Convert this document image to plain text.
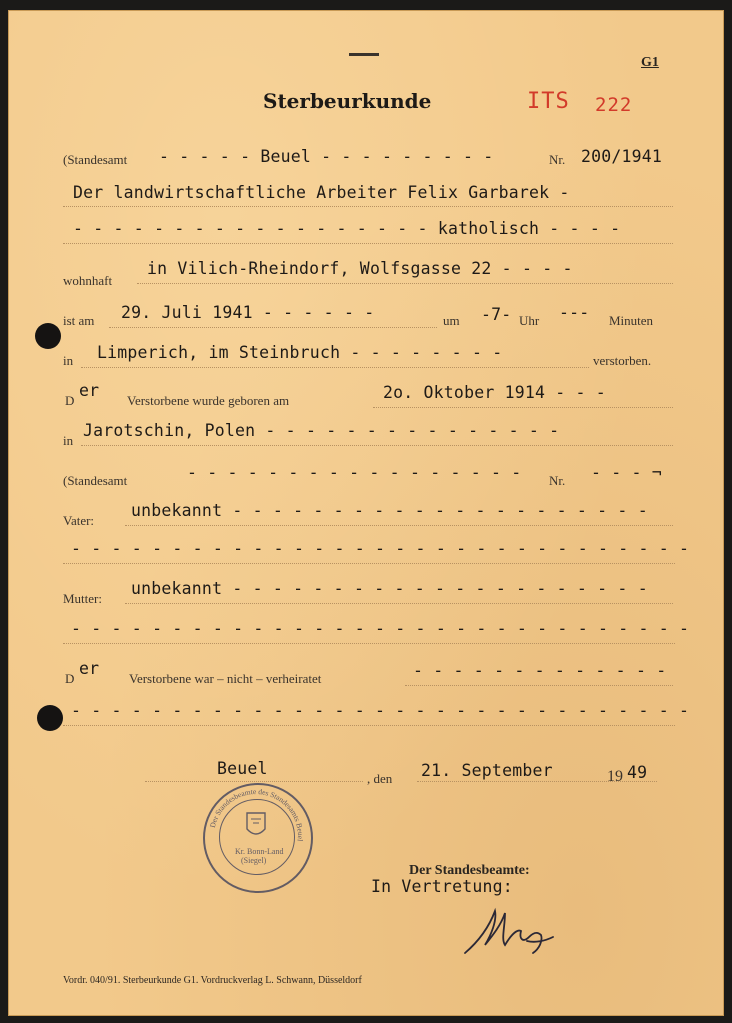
G1
Sterbeurkunde	ITS 222
(Standesamt - - - - - Beuel - - - - - - - - -	Nr. 200/1941
Der landwirtschaftliche Arbeiter Felix Garbarek -
- - - - - - - - - - - - - - - - - - katholisch - - - -
wohnhaft
in Vilich-Rheindorf, Wolfsgasse 22 - - - -
ist am 29. Juli 1941 - - - - - -	um -7- Uhr --- Minuten
in Limperich, im Steinbruch - - - - - - - -	verstorben.
D
er
Verstorbene wurde geboren am	2o. Oktober 1914 - - -
in
Jarotschin, Polen - - - - - - - - - - - - - - -
(Standesamt	- - - - - - - - - - - - - - - - - Nr. - - - ¬
Vater:
unbekannt - - - - - - - - - - - - - - - - - - - - -
- - - - - - - - - - - - - - - - - - - - - - - - - - - - - - -
Mutter:
unbekannt - - - - - - - - - - - - - - - - - - - - -
- - - - - - - - - - - - - - - - - - - - - - - - - - - - - - -
D
er
Verstorbene war – nicht – verheiratet	- - - - - - - - - - - - -
- - - - - - - - - - - - - - - - - - - - - - - - - - - - - - -
Beuel
, den 21. September	19 49
Der Standesbeamte des Standesamts Beuel
Kr. Bonn-Land
(Siegel)
Der Standesbeamte:
In Vertretung:
Vordr. 040/91. Sterbeurkunde G1. Vordruckverlag L. Schwann, Düsseldorf
